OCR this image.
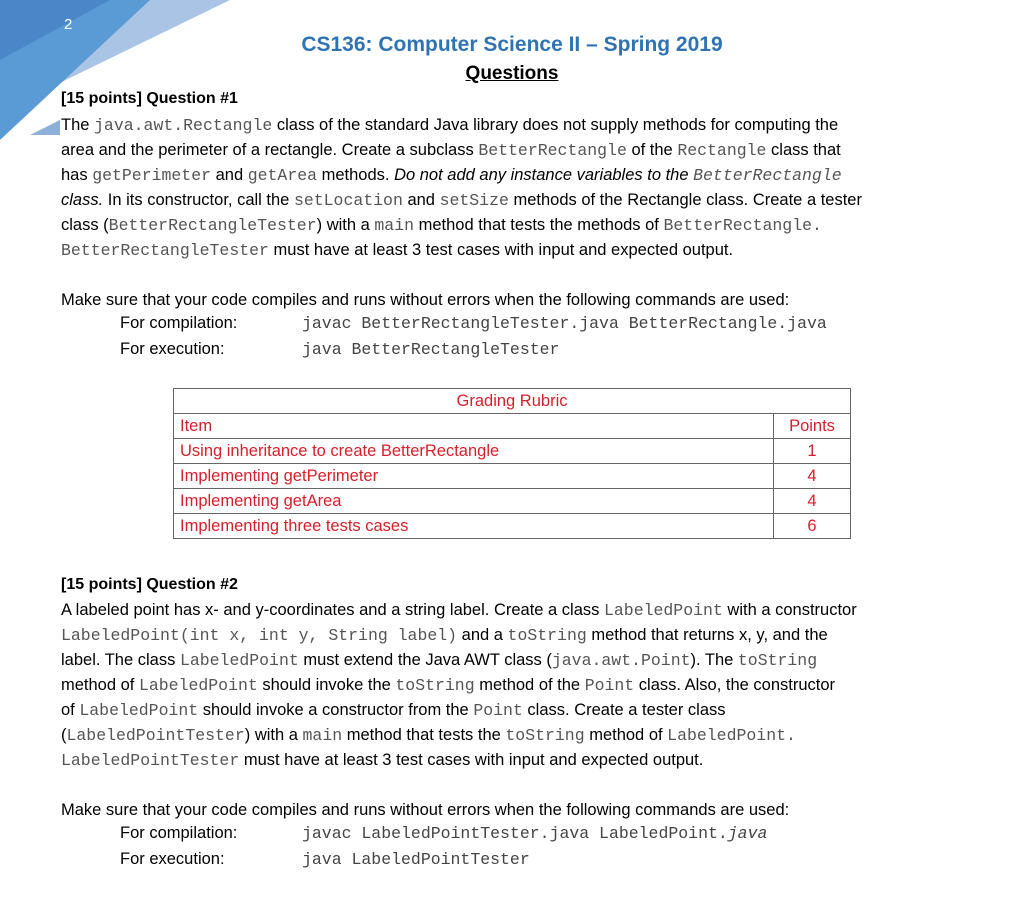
2
CS136: Computer Science II – Spring 2019
Questions
[15 points] Question #1
The java.awt.Rectangle class of the standard Java library does not supply methods for computing the
area and the perimeter of a rectangle. Create a subclass BetterRectangle of the Rectangle class that
has getPerimeter and getArea methods. Do not add any instance variables to the BetterRectangle
class. In its constructor, call the setLocation and setSize methods of the Rectangle class. Create a tester
class (BetterRectangleTester) with a main method that tests the methods of BetterRectangle.
BetterRectangleTester must have at least 3 test cases with input and expected output.
Make sure that your code compiles and runs without errors when the following commands are used:
For compilation:	javac BetterRectangleTester.java BetterRectangle.java
For execution:	java BetterRectangleTester
Grading Rubric	
Item	Points
Using inheritance to create BetterRectangle	1
Implementing getPerimeter	4
Implementing getArea	4
Implementing three tests cases	6
[15 points] Question #2
A labeled point has x- and y-coordinates and a string label. Create a class LabeledPoint with a constructor
LabeledPoint(int x, int y, String label) and a toString method that returns x, y, and the
label. The class LabeledPoint must extend the Java AWT class (java.awt.Point). The toString
method of LabeledPoint should invoke the toString method of the Point class. Also, the constructor
of LabeledPoint should invoke a constructor from the Point class. Create a tester class
(LabeledPointTester) with a main method that tests the toString method of LabeledPoint.
LabeledPointTester must have at least 3 test cases with input and expected output.
Make sure that your code compiles and runs without errors when the following commands are used:
For compilation:	javac LabeledPointTester.java LabeledPoint.java
For execution:	java LabeledPointTester
